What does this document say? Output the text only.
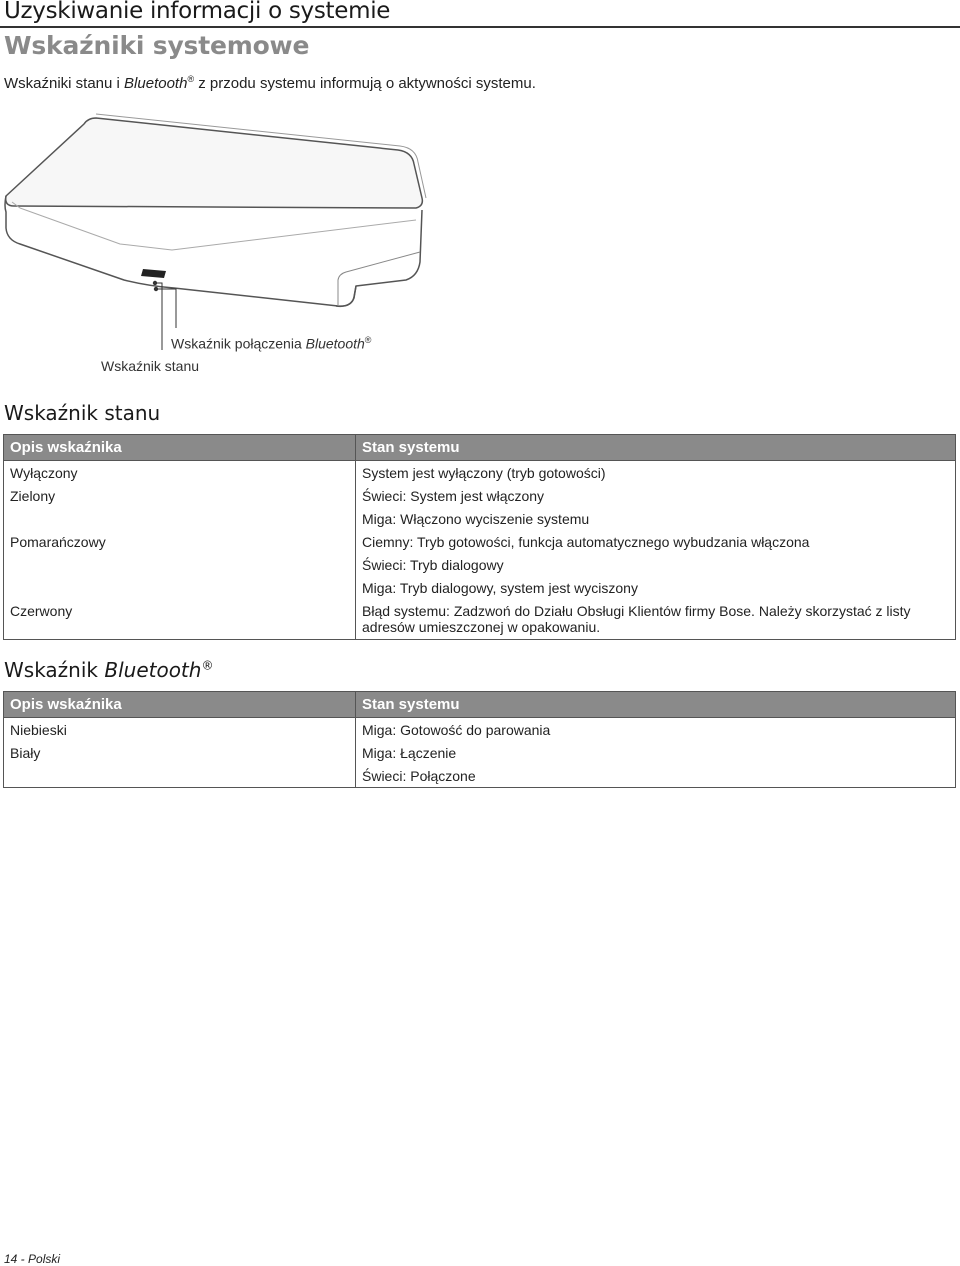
Uzyskiwanie informacji o systemie
Wskaźniki systemowe
Wskaźniki stanu i Bluetooth® z przodu systemu informują o aktywności systemu.
Wskaźnik połączenia Bluetooth®
Wskaźnik stanu
Wskaźnik stanu
Opis wskaźnika	Stan systemu
Wyłączony	System jest wyłączony (tryb gotowości)
Zielony	Świeci: System jest włączony
	Miga: Włączono wyciszenie systemu
Pomarańczowy	Ciemny: Tryb gotowości, funkcja automatycznego wybudzania włączona
	Świeci: Tryb dialogowy
	Miga: Tryb dialogowy, system jest wyciszony
Czerwony	Błąd systemu: Zadzwoń do Działu Obsługi Klientów firmy Bose. Należy skorzystać z listy adresów umieszczonej w opakowaniu.
Wskaźnik Bluetooth®
Opis wskaźnika	Stan systemu
Niebieski	Miga: Gotowość do parowania
Biały	Miga: Łączenie
	Świeci: Połączone
14 - Polski
